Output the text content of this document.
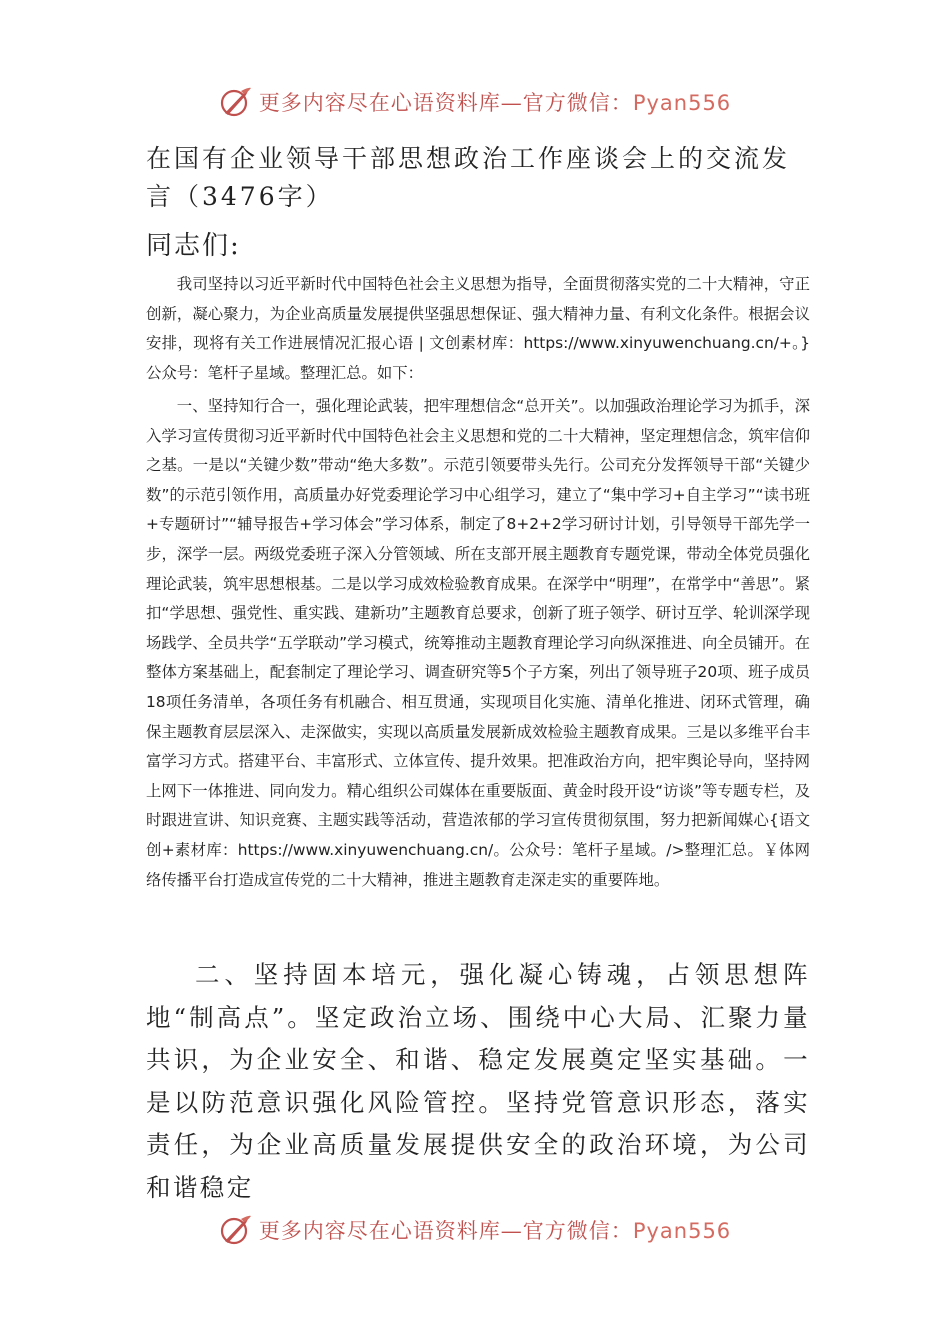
更多内容尽在心语资料库—官方微信：Pyan556
在国有企业领导干部思想政治工作座谈会上的交流发言（3476字）
同志们:

我司坚持以习近平新时代中国特色社会主义思想为指导，全面贯彻落实党的二十大精神，守正创新，凝心聚力，为企业高质量发展提供坚强思想保证、强大精神力量、有利文化条件。根据会议安排，现将有关工作进展情况汇报心语 | 文创素材库：https://www.xinyuwenchuang.cn/+。}公众号：笔杆子星域。整理汇总。如下：

一、坚持知行合一，强化理论武装，把牢理想信念“总开关”。以加强政治理论学习为抓手，深入学习宣传贯彻习近平新时代中国特色社会主义思想和党的二十大精神，坚定理想信念，筑牢信仰之基。一是以“关键少数”带动“绝大多数”。示范引领要带头先行。公司充分发挥领导干部“关键少数”的示范引领作用，高质量办好党委理论学习中心组学习，建立了“集中学习+自主学习”“读书班+专题研讨”“辅导报告+学习体会”学习体系，制定了8+2+2学习研讨计划，引导领导干部先学一步，深学一层。两级党委班子深入分管领域、所在支部开展主题教育专题党课，带动全体党员强化理论武装，筑牢思想根基。二是以学习成效检验教育成果。在深学中“明理”，在常学中“善思”。紧扣“学思想、强党性、重实践、建新功”主题教育总要求，创新了班子领学、研讨互学、轮训深学现场践学、全员共学“五学联动”学习模式，统筹推动主题教育理论学习向纵深推进、向全员铺开。在整体方案基础上，配套制定了理论学习、调查研究等5个子方案，列出了领导班子20项、班子成员18项任务清单，各项任务有机融合、相互贯通，实现项目化实施、清单化推进、闭环式管理，确保主题教育层层深入、走深做实，实现以高质量发展新成效检验主题教育成果。三是以多维平台丰富学习方式。搭建平台、丰富形式、立体宣传、提升效果。把准政治方向，把牢舆论导向，坚持网上网下一体推进、同向发力。精心组织公司媒体在重要版面、黄金时段开设“访谈”等专题专栏，及时跟进宣讲、知识竞赛、主题实践等活动，营造浓郁的学习宣传贯彻氛围，努力把新闻媒心{语文创+素材库：https://www.xinyuwenchuang.cn/。公众号：笔杆子星域。/>整理汇总。￥体网络传播平台打造成宣传党的二十大精神，推进主题教育走深走实的重要阵地。

二、坚持固本培元，强化凝心铸魂，占领思想阵地“制高点”。坚定政治立场、围绕中心大局、汇聚力量共识，为企业安全、和谐、稳定发展奠定坚实基础。一是以防范意识强化风险管控。坚持党管意识形态，落实责任，为企业高质量发展提供安全的政治环境，为公司和谐稳定

更多内容尽在心语资料库—官方微信：Pyan556
